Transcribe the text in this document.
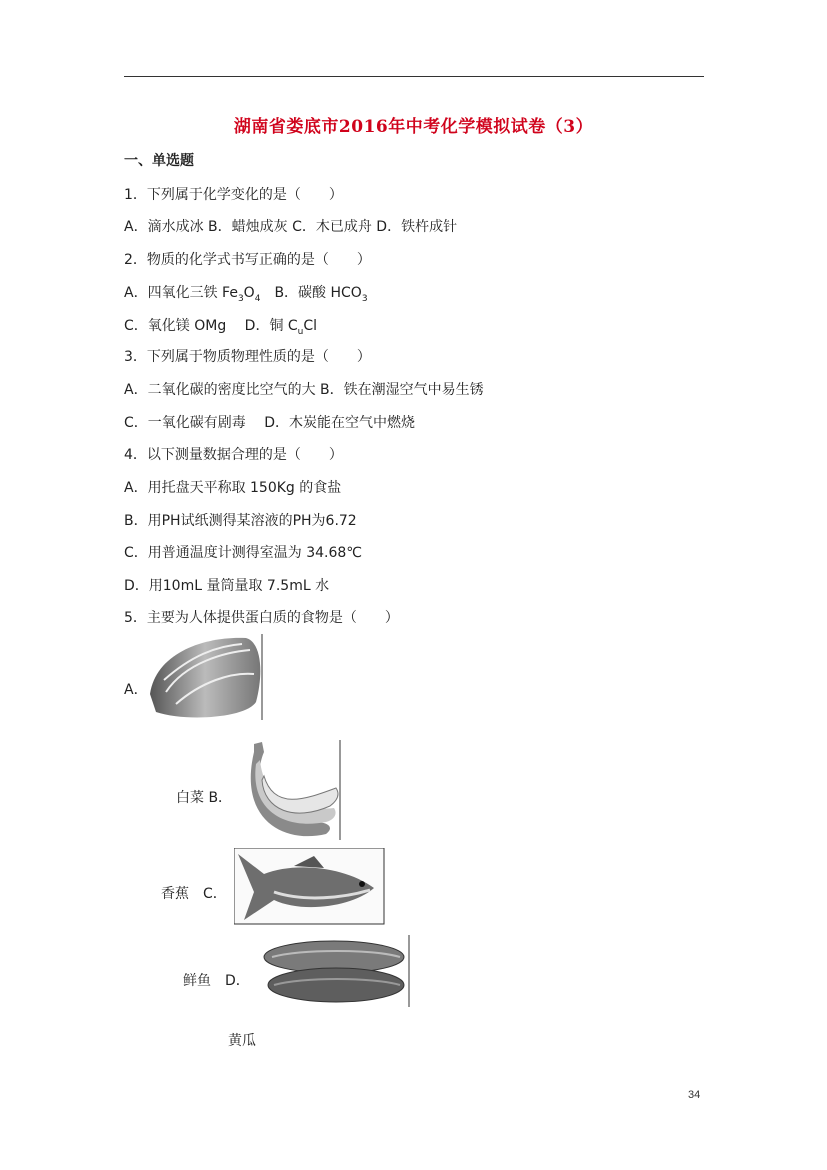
湖南省娄底市2016年中考化学模拟试卷（3）
一、单选题
1．下列属于化学变化的是（　　）
A．滴水成冰 B．蜡烛成灰 C．木已成舟 D．铁杵成针
2．物质的化学式书写正确的是（　　）
A．四氧化三铁 $Fe_3O_4$　 B．碳酸 $HCO_3$
C．氧化镁 OMg　 D．铜 $C_uCl$
3．下列属于物质物理性质的是（　　）
A．二氧化碳的密度比空气的大 B．铁在潮湿空气中易生锈
C．一氧化碳有剧毒　 D．木炭能在空气中燃烧
4．以下测量数据合理的是（　　）
A．用托盘天平称取 150Kg 的食盐
B．用PH试纸测得某溶液的PH为6.72
C．用普通温度计测得室温为 34.68℃
D．用10mL 量筒量取 7.5mL 水
5．主要为人体提供蛋白质的食物是（　　）
A．
白菜 B．
香蕉　C．
鲜鱼　D．
黄瓜
34
